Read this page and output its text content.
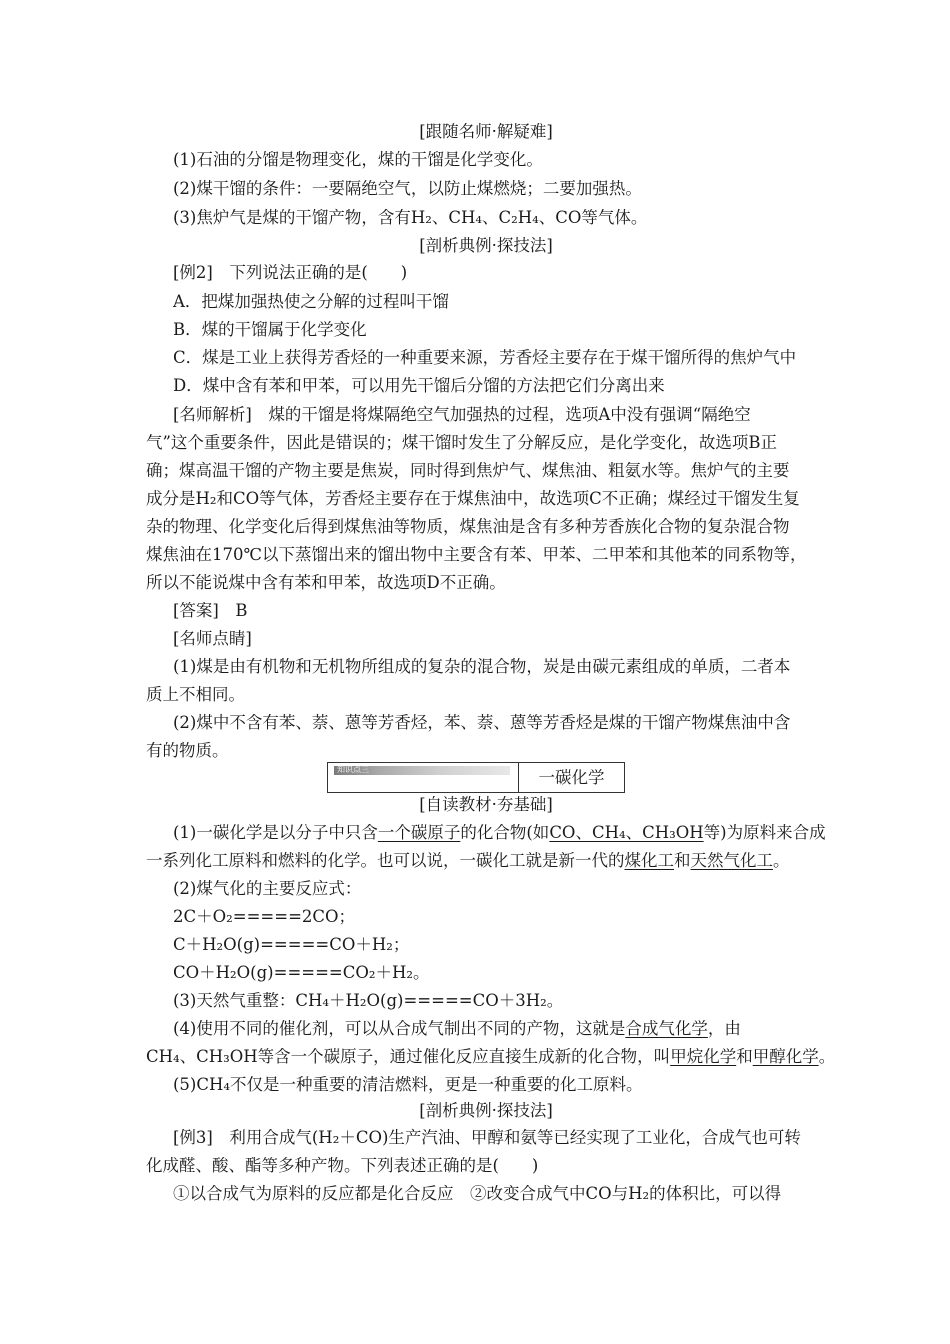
[跟随名师·解疑难]
(1)石油的分馏是物理变化，煤的干馏是化学变化。
(2)煤干馏的条件：一要隔绝空气，以防止煤燃烧；二要加强热。
(3)焦炉气是煤的干馏产物，含有H₂、CH₄、C₂H₄、CO等气体。
[剖析典例·探技法]
[例2]　下列说法正确的是(　　)
A．把煤加强热使之分解的过程叫干馏
B．煤的干馏属于化学变化
C．煤是工业上获得芳香烃的一种重要来源，芳香烃主要存在于煤干馏所得的焦炉气中
D．煤中含有苯和甲苯，可以用先干馏后分馏的方法把它们分离出来
[名师解析]　煤的干馏是将煤隔绝空气加强热的过程，选项A中没有强调“隔绝空
气”这个重要条件，因此是错误的；煤干馏时发生了分解反应，是化学变化，故选项B正
确；煤高温干馏的产物主要是焦炭，同时得到焦炉气、煤焦油、粗氨水等。焦炉气的主要
成分是H₂和CO等气体，芳香烃主要存在于煤焦油中，故选项C不正确；煤经过干馏发生复
杂的物理、化学变化后得到煤焦油等物质，煤焦油是含有多种芳香族化合物的复杂混合物
煤焦油在170℃以下蒸馏出来的馏出物中主要含有苯、甲苯、二甲苯和其他苯的同系物等，
所以不能说煤中含有苯和甲苯，故选项D不正确。
[答案]　B
[名师点睛]
(1)煤是由有机物和无机物所组成的复杂的混合物，炭是由碳元素组成的单质，二者本
质上不相同。
(2)煤中不含有苯、萘、蒽等芳香烃，苯、萘、蒽等芳香烃是煤的干馏产物煤焦油中含
有的物质。
知识点三	一碳化学
[自读教材·夯基础]
(1)一碳化学是以分子中只含一个碳原子的化合物(如CO、CH₄、CH₃OH等)为原料来合成
一系列化工原料和燃料的化学。也可以说，一碳化工就是新一代的煤化工和天然气化工。
(2)煤气化的主要反应式：
2C＋O₂=====2CO；
C＋H₂O(g)=====CO＋H₂；
CO＋H₂O(g)=====CO₂＋H₂。
(3)天然气重整：CH₄＋H₂O(g)=====CO＋3H₂。
(4)使用不同的催化剂，可以从合成气制出不同的产物，这就是合成气化学，由
CH₄、CH₃OH等含一个碳原子，通过催化反应直接生成新的化合物，叫甲烷化学和甲醇化学。
(5)CH₄不仅是一种重要的清洁燃料，更是一种重要的化工原料。
[剖析典例·探技法]
[例3]　利用合成气(H₂＋CO)生产汽油、甲醇和氨等已经实现了工业化，合成气也可转
化成醛、酸、酯等多种产物。下列表述正确的是(　　)
①以合成气为原料的反应都是化合反应　②改变合成气中CO与H₂的体积比，可以得
